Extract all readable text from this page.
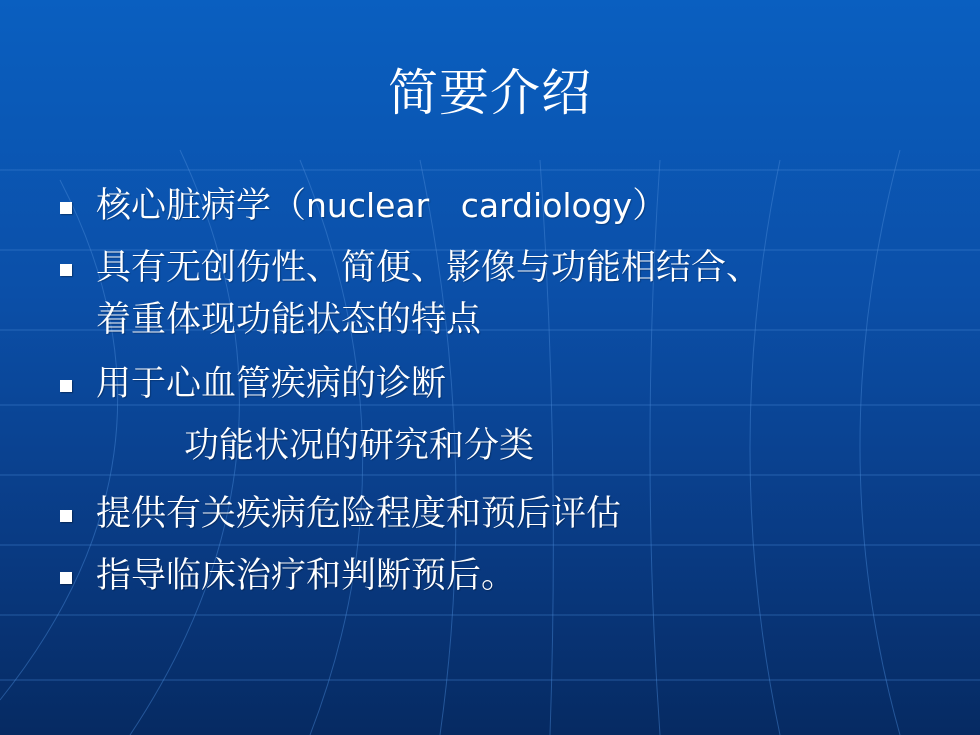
简要介绍
核心脏病学（nuclear   cardiology）
具有无创伤性、简便、影像与功能相结合、
着重体现功能状态的特点
用于心血管疾病的诊断
功能状况的研究和分类
提供有关疾病危险程度和预后评估
指导临床治疗和判断预后。
